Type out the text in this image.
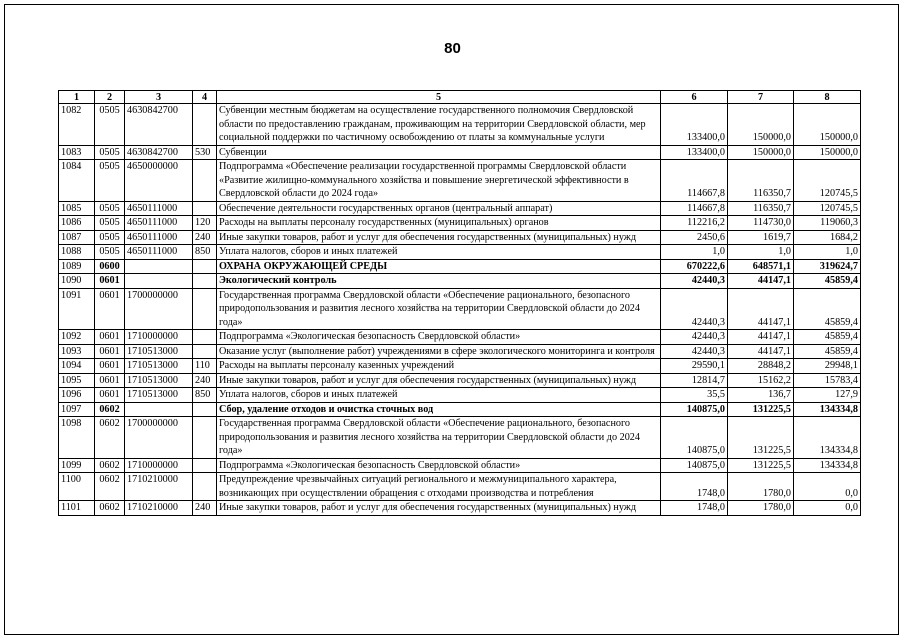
80
1	2	3	4	5	6	7	8
1082	0505	4630842700		Субвенции местным бюджетам на осуществление государственного полномочия Свердловской области по предоставлению гражданам, проживающим на территории Свердловской области, мер социальной поддержки по частичному освобождению от платы за коммунальные услуги	133400,0	150000,0	150000,0
1083	0505	4630842700	530	Субвенции	133400,0	150000,0	150000,0
1084	0505	4650000000		Подпрограмма «Обеспечение реализации государственной программы Свердловской области «Развитие жилищно-коммунального хозяйства и повышение энергетической эффективности в Свердловской области до 2024 года»	114667,8	116350,7	120745,5
1085	0505	4650111000		Обеспечение деятельности государственных органов (центральный аппарат)	114667,8	116350,7	120745,5
1086	0505	4650111000	120	Расходы на выплаты персоналу государственных (муниципальных) органов	112216,2	114730,0	119060,3
1087	0505	4650111000	240	Иные закупки товаров, работ и услуг для обеспечения государственных (муниципальных) нужд	2450,6	1619,7	1684,2
1088	0505	4650111000	850	Уплата налогов, сборов и иных платежей	1,0	1,0	1,0
1089	0600			ОХРАНА ОКРУЖАЮЩЕЙ СРЕДЫ	670222,6	648571,1	319624,7
1090	0601			Экологический контроль	42440,3	44147,1	45859,4
1091	0601	1700000000		Государственная программа Свердловской области «Обеспечение рационального, безопасного природопользования и развития лесного хозяйства на территории Свердловской области до 2024 года»	42440,3	44147,1	45859,4
1092	0601	1710000000		Подпрограмма «Экологическая безопасность Свердловской области»	42440,3	44147,1	45859,4
1093	0601	1710513000		Оказание услуг (выполнение работ) учреждениями в сфере экологического мониторинга и контроля	42440,3	44147,1	45859,4
1094	0601	1710513000	110	Расходы на выплаты персоналу казенных учреждений	29590,1	28848,2	29948,1
1095	0601	1710513000	240	Иные закупки товаров, работ и услуг для обеспечения государственных (муниципальных) нужд	12814,7	15162,2	15783,4
1096	0601	1710513000	850	Уплата налогов, сборов и иных платежей	35,5	136,7	127,9
1097	0602			Сбор, удаление отходов и очистка сточных вод	140875,0	131225,5	134334,8
1098	0602	1700000000		Государственная программа Свердловской области «Обеспечение рационального, безопасного природопользования и развития лесного хозяйства на территории Свердловской области до 2024 года»	140875,0	131225,5	134334,8
1099	0602	1710000000		Подпрограмма «Экологическая безопасность Свердловской области»	140875,0	131225,5	134334,8
1100	0602	1710210000		Предупреждение чрезвычайных ситуаций регионального и межмуниципального характера, возникающих при осуществлении обращения с отходами производства и потребления	1748,0	1780,0	0,0
1101	0602	1710210000	240	Иные закупки товаров, работ и услуг для обеспечения государственных (муниципальных) нужд	1748,0	1780,0	0,0
